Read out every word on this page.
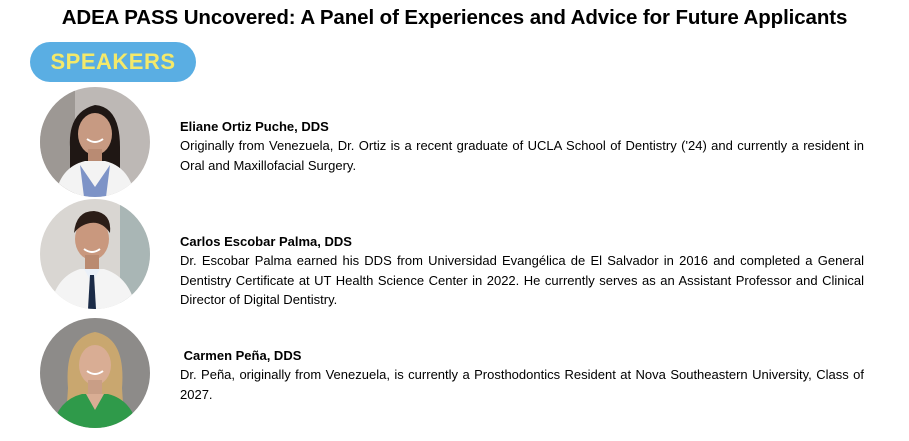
ADEA PASS Uncovered: A Panel of Experiences and Advice for Future Applicants
SPEAKERS
Eliane Ortiz Puche, DDS
Originally from Venezuela, Dr. Ortiz is a recent graduate of UCLA School of Dentistry ('24) and currently a resident in Oral and Maxillofacial Surgery.
Carlos Escobar Palma, DDS
Dr. Escobar Palma earned his DDS from Universidad Evangélica de El Salvador in 2016 and completed a General Dentistry Certificate at UT Health Science Center in 2022. He currently serves as an Assistant Professor and Clinical Director of Digital Dentistry.
Carmen Peña, DDS
Dr. Peña, originally from Venezuela, is currently a Prosthodontics Resident at Nova Southeastern University, Class of 2027.
